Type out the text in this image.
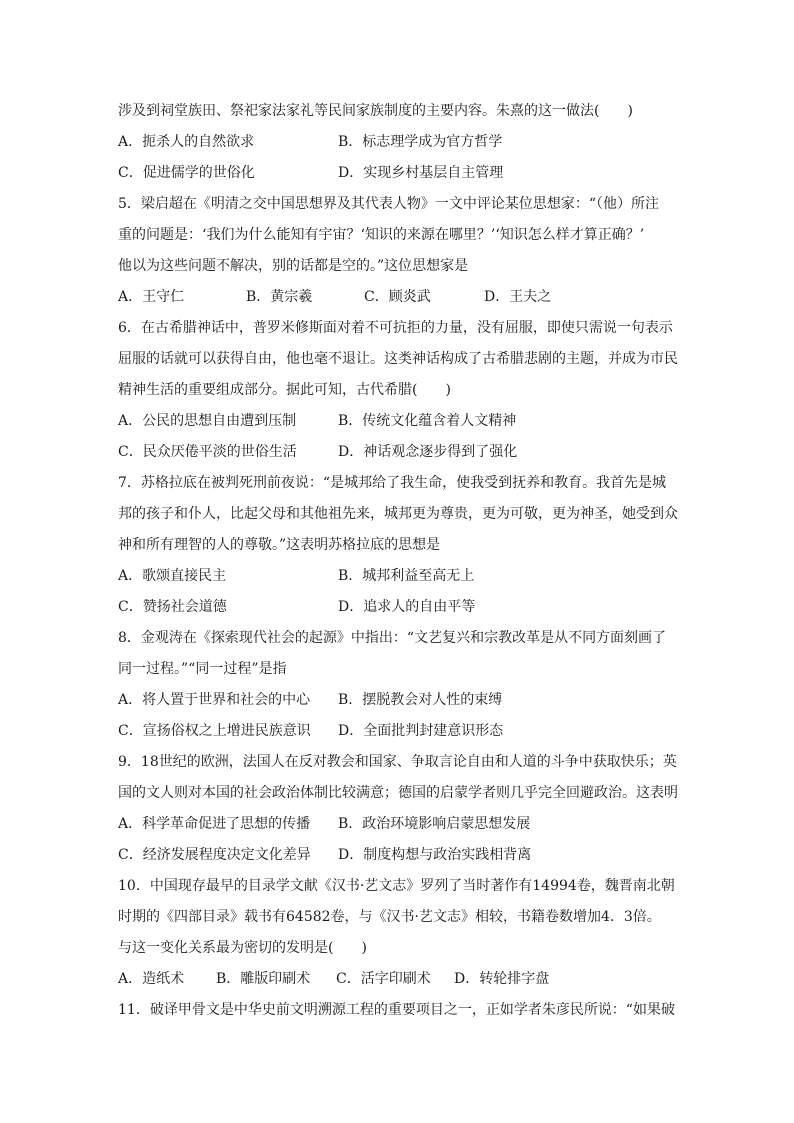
涉及到祠堂族田、祭祀家法家礼等民间家族制度的主要内容。朱熹的这一做法(　　)
A．扼杀人的自然欲求	B．标志理学成为官方哲学
C．促进儒学的世俗化	D．实现乡村基层自主管理
5．梁启超在《明清之交中国思想界及其代表人物》一文中评论某位思想家：“（他）所注
重的问题是：‘我们为什么能知有宇宙？‘知识的来源在哪里？’‘知识怎么样才算正确？’
他以为这些问题不解决，别的话都是空的。”这位思想家是
A．王守仁	B．黄宗羲	C．顾炎武	D．王夫之
6．在古希腊神话中，普罗米修斯面对着不可抗拒的力量，没有屈服，即使只需说一句表示
屈服的话就可以获得自由，他也毫不退让。这类神话构成了古希腊悲剧的主题，并成为市民
精神生活的重要组成部分。据此可知，古代希腊(　　)
A．公民的思想自由遭到压制	B．传统文化蕴含着人文精神
C．民众厌倦平淡的世俗生活	D．神话观念逐步得到了强化
7．苏格拉底在被判死刑前夜说：“是城邦给了我生命，使我受到抚养和教育。我首先是城
邦的孩子和仆人，比起父母和其他祖先来，城邦更为尊贵，更为可敬，更为神圣，她受到众
神和所有理智的人的尊敬。”这表明苏格拉底的思想是
A．歌颂直接民主	B．城邦利益至高无上
C．赞扬社会道德	D．追求人的自由平等
8．金观涛在《探索现代社会的起源》中指出：“文艺复兴和宗教改革是从不同方面刻画了
同一过程。”“同一过程”是指
A．将人置于世界和社会的中心	B．摆脱教会对人性的束缚
C．宣扬俗权之上增进民族意识	D．全面批判封建意识形态
9．18世纪的欧洲，法国人在反对教会和国家、争取言论自由和人道的斗争中获取快乐；英
国的文人则对本国的社会政治体制比较满意；德国的启蒙学者则几乎完全回避政治。这表明
A．科学革命促进了思想的传播	B．政治环境影响启蒙思想发展
C．经济发展程度决定文化差异	D．制度构想与政治实践相背离
10．中国现存最早的目录学文献《汉书·艺文志》罗列了当时著作有14994卷，魏晋南北朝
时期的《四部目录》载书有64582卷，与《汉书·艺文志》相较，书籍卷数增加4．3倍。
与这一变化关系最为密切的发明是(　　)
A．造纸术	B．雕版印刷术	C．活字印刷术	D．转轮排字盘
11．破译甲骨文是中华史前文明溯源工程的重要项目之一，正如学者朱彦民所说：“如果破
